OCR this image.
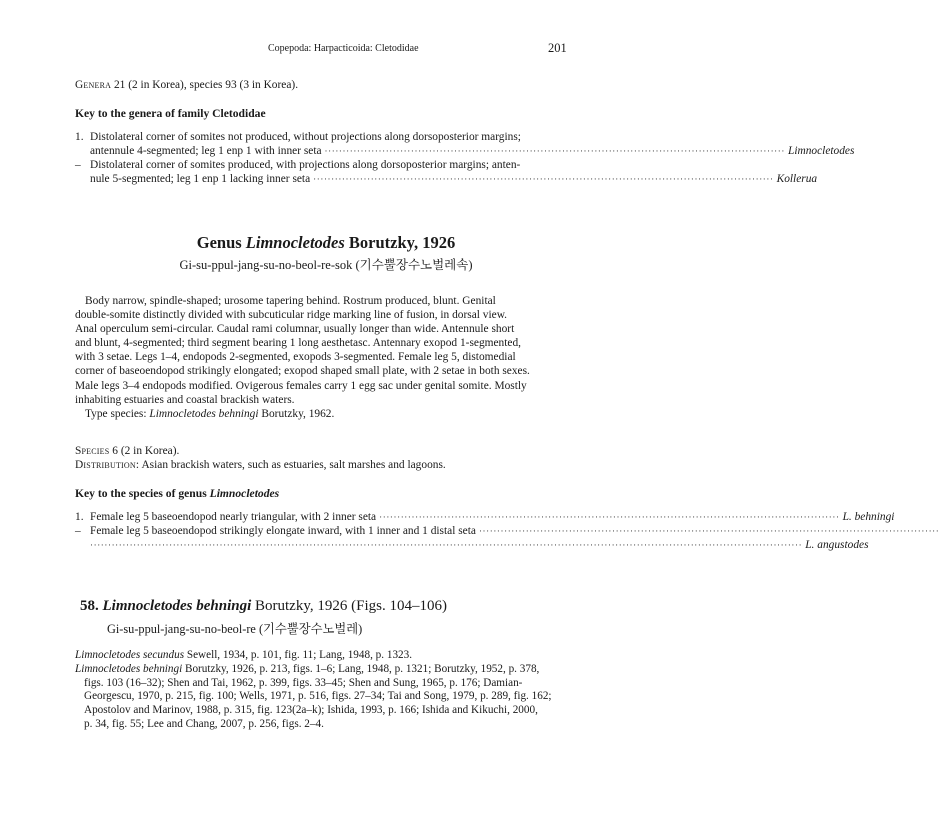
Copepoda: Harpacticoida: Cletodidae	201
Genera 21 (2 in Korea), species 93 (3 in Korea).
Key to the genera of family Cletodidae
1. Distolateral corner of somites not produced, without projections along dorsoposterior margins;
antennule 4-segmented; leg 1 enp 1 with inner seta ································································································································ Limnocletodes
– Distolateral corner of somites produced, with projections along dorsoposterior margins; anten-
nule 5-segmented; leg 1 enp 1 lacking inner seta ································································································································ Kollerua
Genus Limnocletodes Borutzky, 1926
Gi-su-ppul-jang-su-no-beol-re-sok (기수뿔장수노벌레속)
Body narrow, spindle-shaped; urosome tapering behind. Rostrum produced, blunt. Genital
double-somite distinctly divided with subcuticular ridge marking line of fusion, in dorsal view.
Anal operculum semi-circular. Caudal rami columnar, usually longer than wide. Antennule short
and blunt, 4-segmented; third segment bearing 1 long aesthetasc. Antennary exopod 1-segmented,
with 3 setae. Legs 1–4, endopods 2-segmented, exopods 3-segmented. Female leg 5, distomedial
corner of baseoendopod strikingly elongated; exopod shaped small plate, with 2 setae in both sexes.
Male legs 3–4 endopods modified. Ovigerous females carry 1 egg sac under genital somite. Mostly
inhabiting estuaries and coastal brackish waters.
Type species: Limnocletodes behningi Borutzky, 1962.
Species 6 (2 in Korea).
Distribution: Asian brackish waters, such as estuaries, salt marshes and lagoons.
Key to the species of genus Limnocletodes
1. Female leg 5 baseoendopod nearly triangular, with 2 inner seta ································································································································ L. behningi
– Female leg 5 baseoendopod strikingly elongate inward, with 1 inner and 1 distal seta ································································································································
······································································································································································································ L. angustodes
58. Limnocletodes behningi Borutzky, 1926 (Figs. 104–106)
Gi-su-ppul-jang-su-no-beol-re (기수뿔장수노벌레)
Limnocletodes secundus Sewell, 1934, p. 101, fig. 11; Lang, 1948, p. 1323.
Limnocletodes behningi Borutzky, 1926, p. 213, figs. 1–6; Lang, 1948, p. 1321; Borutzky, 1952, p. 378,
figs. 103 (16–32); Shen and Tai, 1962, p. 399, figs. 33–45; Shen and Sung, 1965, p. 176; Damian-
Georgescu, 1970, p. 215, fig. 100; Wells, 1971, p. 516, figs. 27–34; Tai and Song, 1979, p. 289, fig. 162;
Apostolov and Marinov, 1988, p. 315, fig. 123(2a–k); Ishida, 1993, p. 166; Ishida and Kikuchi, 2000,
p. 34, fig. 55; Lee and Chang, 2007, p. 256, figs. 2–4.
